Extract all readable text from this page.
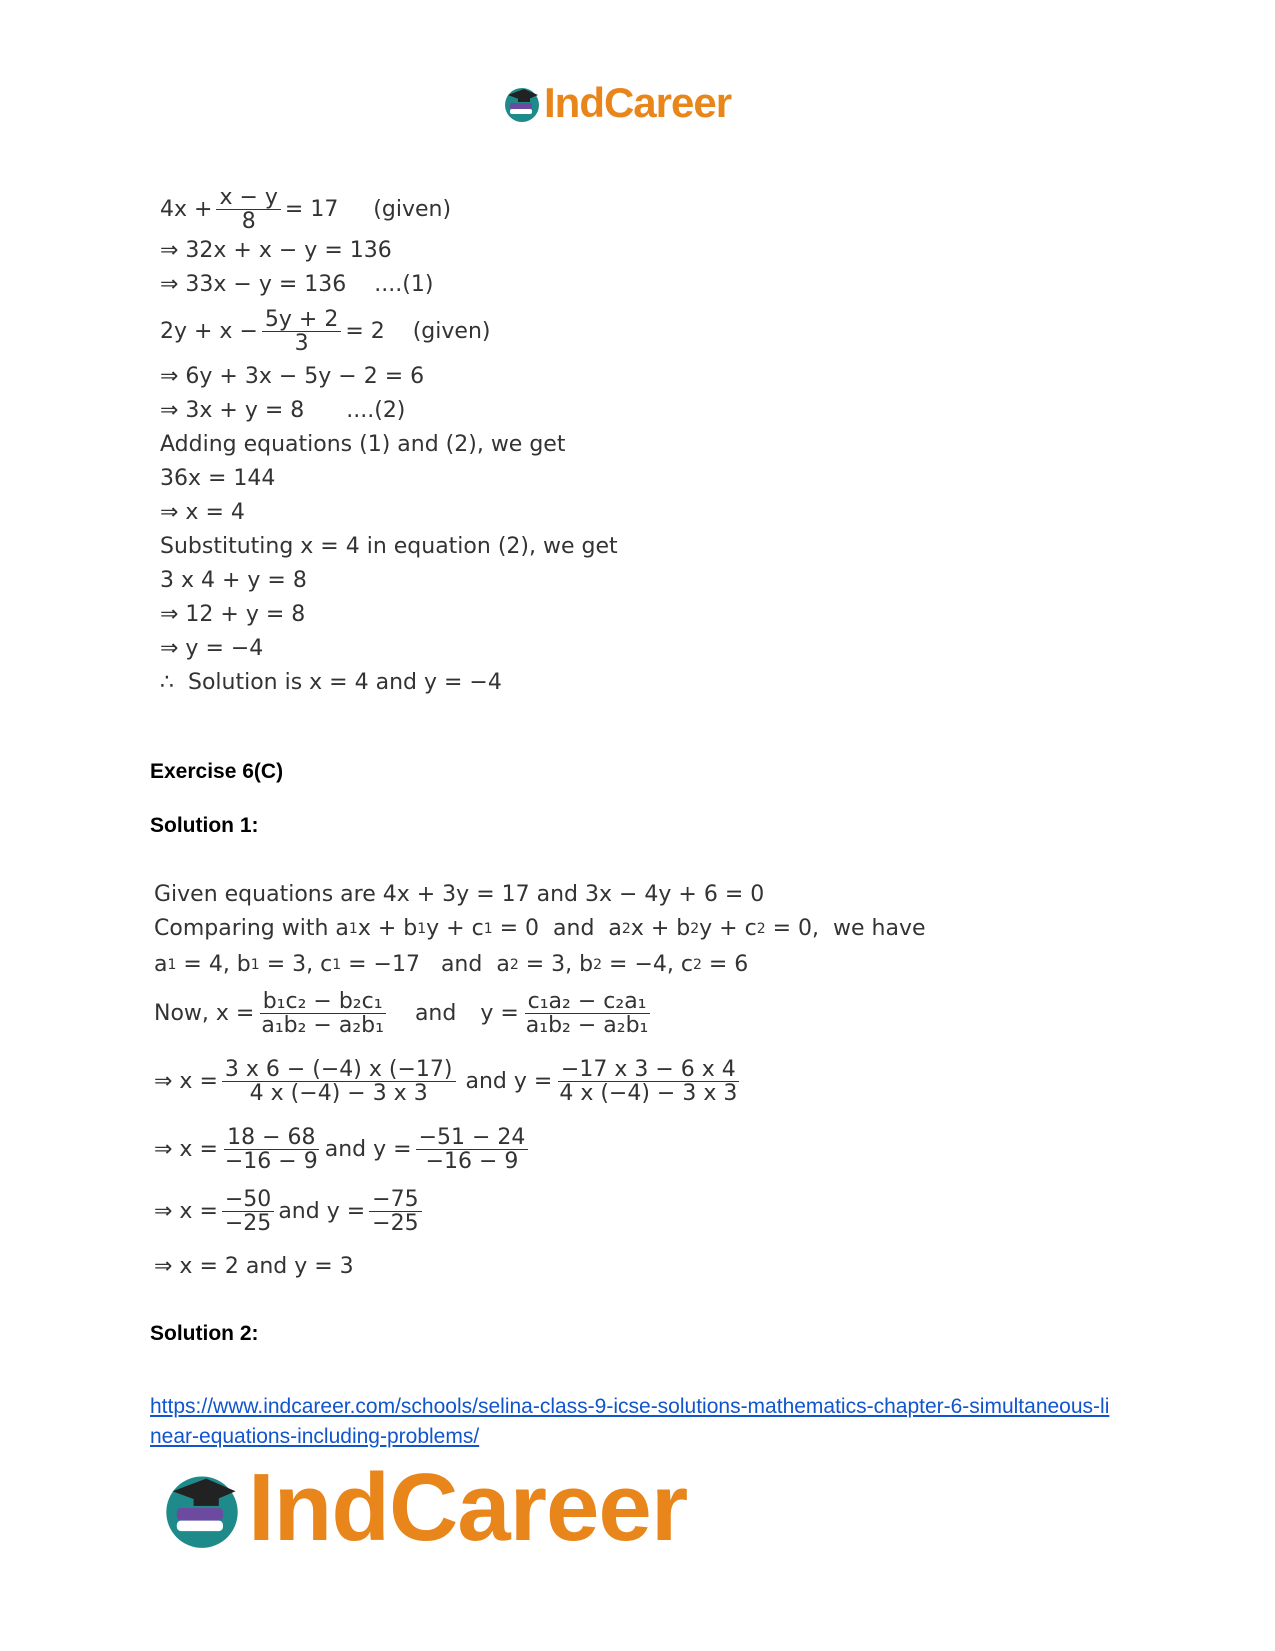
IndCareer
$4x + \frac{x - y}{8} = 17$     (given)
⇒ 32x + x − y = 136
⇒ 33x − y = 136    ....(1)
$2y + x - \frac{5y + 2}{3} = 2$    (given)
⇒ 6y + 3x − 5y − 2 = 6
⇒ 3x + y = 8      ....(2)
Adding equations (1) and (2), we get
36x = 144
⇒ x = 4
Substituting x = 4 in equation (2), we get
3 x 4 + y = 8
⇒ 12 + y = 8
⇒ y = −4
∴  Solution is x = 4 and y = −4
Exercise 6(C)
Solution 1:
Given equations are 4x + 3y = 17 and 3x − 4y + 6 = 0
Comparing with a 1 x + b 1 y + c 1 = 0  and  a 2 x + b 2 y + c 2 = 0,  we have
a 1 = 4, b 1 = 3, c 1 = −17   and  a 2 = 3, b 2 = −4, c 2 = 6
Now, $x = \frac{\text{b₁c₂ − b₂c₁}}{\text{a₁b₂ − a₂b₁}}$ and $y = \frac{\text{c₁a₂ − c₂a₁}}{\text{a₁b₂ − a₂b₁}}$
⇒ $x = \frac{3 x 6 - (-4) x (-17)}{4 x (-4) - 3 x 3}$ and $y = \frac{-17 x 3 - 6 x 4}{4 x (-4) - 3 x 3}$
⇒ $x = \frac{18 - 68}{-16 - 9}$ and $y = \frac{-51 - 24}{-16 - 9}$
⇒ $x = \frac{-50}{-25}$ and $y = \frac{-75}{-25}$
⇒ x = 2 and y = 3
Solution 2:
https://www.indcareer.com/schools/selina-class-9-icse-solutions-mathematics-chapter-6-simultaneous-linear-equations-including-problems/
IndCareer
